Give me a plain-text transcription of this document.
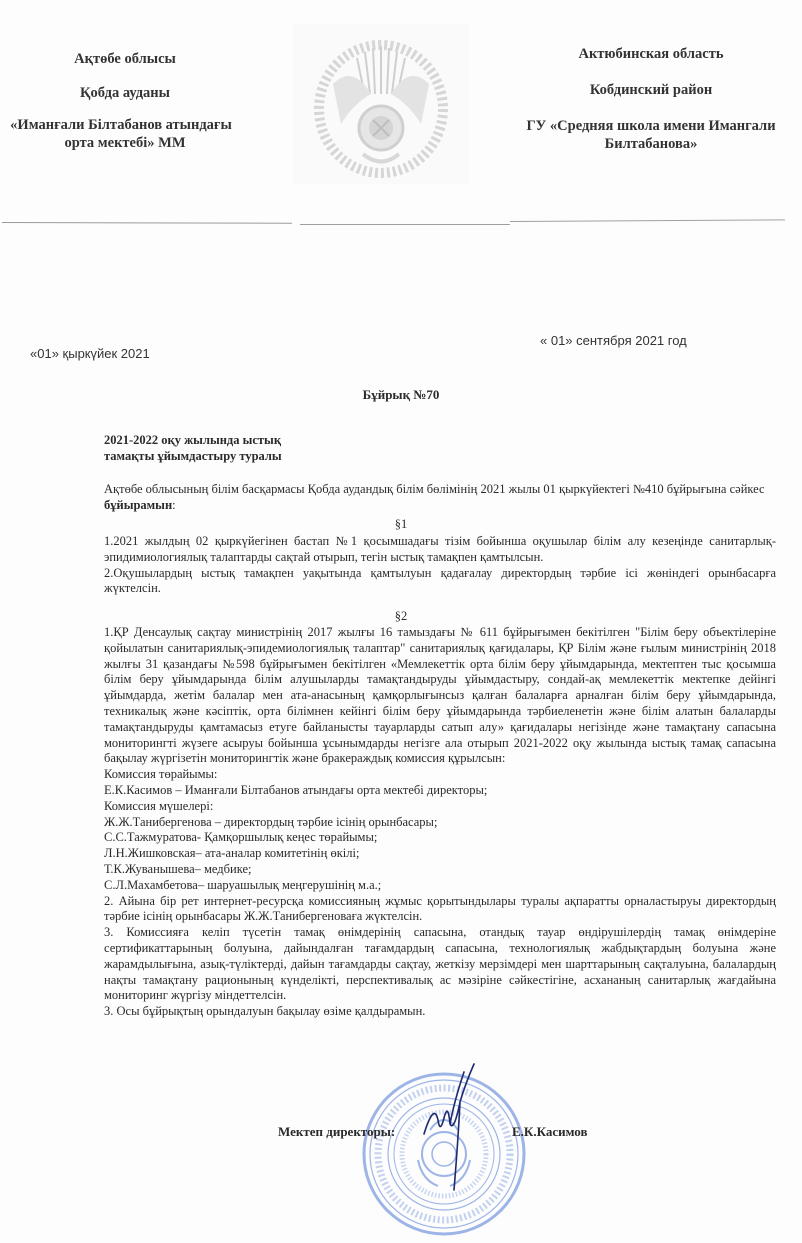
Ақтөбе облысы

Қобда ауданы

«Иманғали Білтабанов атындағы

орта мектебі» ММ

Актюбинская область

Кобдинский район

ГУ «Средняя школа имени Имангали

Билтабанова»

«01» қыркүйек 2021
« 01» сентября 2021 год
Бұйрық №70

2021-2022 оқу жылында ыстық

тамақты ұйымдастыру туралы

Ақтөбе облысының білім басқармасы Қобда аудандық білім бөлімінің 2021 жылы 01 қыркүйектегі №410 бұйрығына сәйкес бұйырамын:

§1

1.2021 жылдың 02 қыркүйегінен бастап №1 қосымшадағы тізім бойынша оқушылар білім алу кезеңінде санитарлық-эпидимиологиялық талаптарды сақтай отырып, тегін ыстық тамақпен қамтылсын.

2.Оқушылардың ыстық тамақпен уақытында қамтылуын қадағалау директордың тәрбие ісі жөніндегі орынбасарға жүктелсін.

§2

1.ҚР Денсаулық сақтау министрінің 2017 жылғы 16 тамыздағы № 611 бұйрығымен бекітілген "Білім беру объектілеріне қойылатын санитариялық-эпидемиологиялық талаптар" санитариялық қағидалары, ҚР Білім және ғылым министрінің 2018 жылғы 31 қазандағы №598 бұйрығымен бекітілген «Мемлекеттік орта білім беру ұйымдарында, мектептен тыс қосымша білім беру ұйымдарында білім алушыларды тамақтандыруды ұйымдастыру, сондай-ақ мемлекеттік мектепке дейінгі ұйымдарда, жетім балалар мен ата-анасының қамқорлығынсыз қалған балаларға арналған білім беру ұйымдарында, техникалық және кәсіптік, орта білімнен кейінгі білім беру ұйымдарында тәрбиеленетін және білім алатын балаларды тамақтандыруды қамтамасыз етуге байланысты тауарларды сатып алу» қағидалары негізінде және тамақтану сапасына мониторингті жүзеге асыруы бойынша ұсынымдарды негізге ала отырып 2021-2022 оқу жылында ыстық тамақ сапасына бақылау жүргізетін мониторингтік және бракераждық комиссия құрылсын:

Комиссия төрайымы:

Е.К.Касимов – Иманғали Білтабанов атындағы орта мектебі директоры;

Комиссия мүшелері:

Ж.Ж.Танибергенова – директордың тәрбие ісінің орынбасары;

С.С.Тажмуратова- Қамқоршылық кеңес төрайымы;

Л.Н.Жишковская– ата-аналар комитетінің өкілі;

Т.К.Жуванышева– медбике;

С.Л.Махамбетова– шаруашылық меңгерушінің м.а.;

2. Айына бір рет интернет-ресурсқа комиссияның жұмыс қорытындылары туралы ақпаратты орналастыруы директордың тәрбие ісінің орынбасары Ж.Ж.Танибергеноваға жүктелсін.

3. Комиссияға келіп түсетін тамақ өнімдерінің сапасына, отандық тауар өндірушілердің тамақ өнімдеріне сертификаттарының болуына, дайындалған тағамдардың сапасына, технологиялық жабдықтардың болуына және жарамдылығына, азық-түліктерді, дайын тағамдарды сақтау, жеткізу мерзімдері мен шарттарының сақталуына, балалардың нақты тамақтану рационының күнделікті, перспективалық ас мәзіріне сәйкестігіне, асхананың санитарлық жағдайына мониторинг жүргізу міндеттелсін.

3. Осы бұйрықтың орындалуын бақылау өзіме қалдырамын.

Мектеп директоры:	Е.К.Касимов
